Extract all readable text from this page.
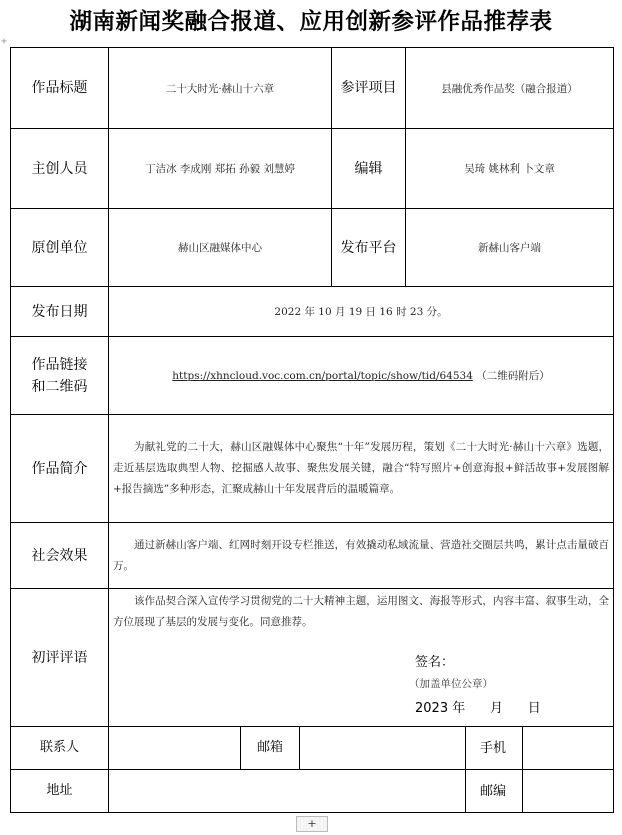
湖南新闻奖融合报道、应用创新参评作品推荐表
+
作品标题	二十大时光·赫山十六章			参评项目	县融优秀作品奖（融合报道）	
主创人员	丁洁冰 李成刚 郑拓 孙毅 刘慧婷			编辑	吴琦 姚林利 卜文章	
原创单位	赫山区融媒体中心			发布平台	新赫山客户端	
发布日期	2022 年 10 月 19 日 16 时 23 分。					

作品链接
和二维码	https://xhncloud.voc.com.cn/portal/topic/show/tid/64534 （二维码附后）					
作品简介	为献礼党的二十大，赫山区融媒体中心聚焦“十年”发展历程，策划《二十大时光·赫山十六章》选题，走近基层选取典型人物、挖掘感人故事、聚焦发展关键，融合“特写照片+创意海报+鲜活故事+发展图解+报告摘选”多种形态，汇聚成赫山十年发展背后的温暖篇章。					
社会效果	通过新赫山客户端、红网时刻开设专栏推送，有效撬动私域流量、营造社交圈层共鸣，累计点击量破百万。					
初评评语	该作品契合深入宣传学习贯彻党的二十大精神主题，运用图文、海报等形式，内容丰富、叙事生动，全方位展现了基层的发展与变化。同意推荐。
签名：
（加盖单位公章）
2023 年      月      日					

联系人		邮箱				手机

地址						邮编
+
